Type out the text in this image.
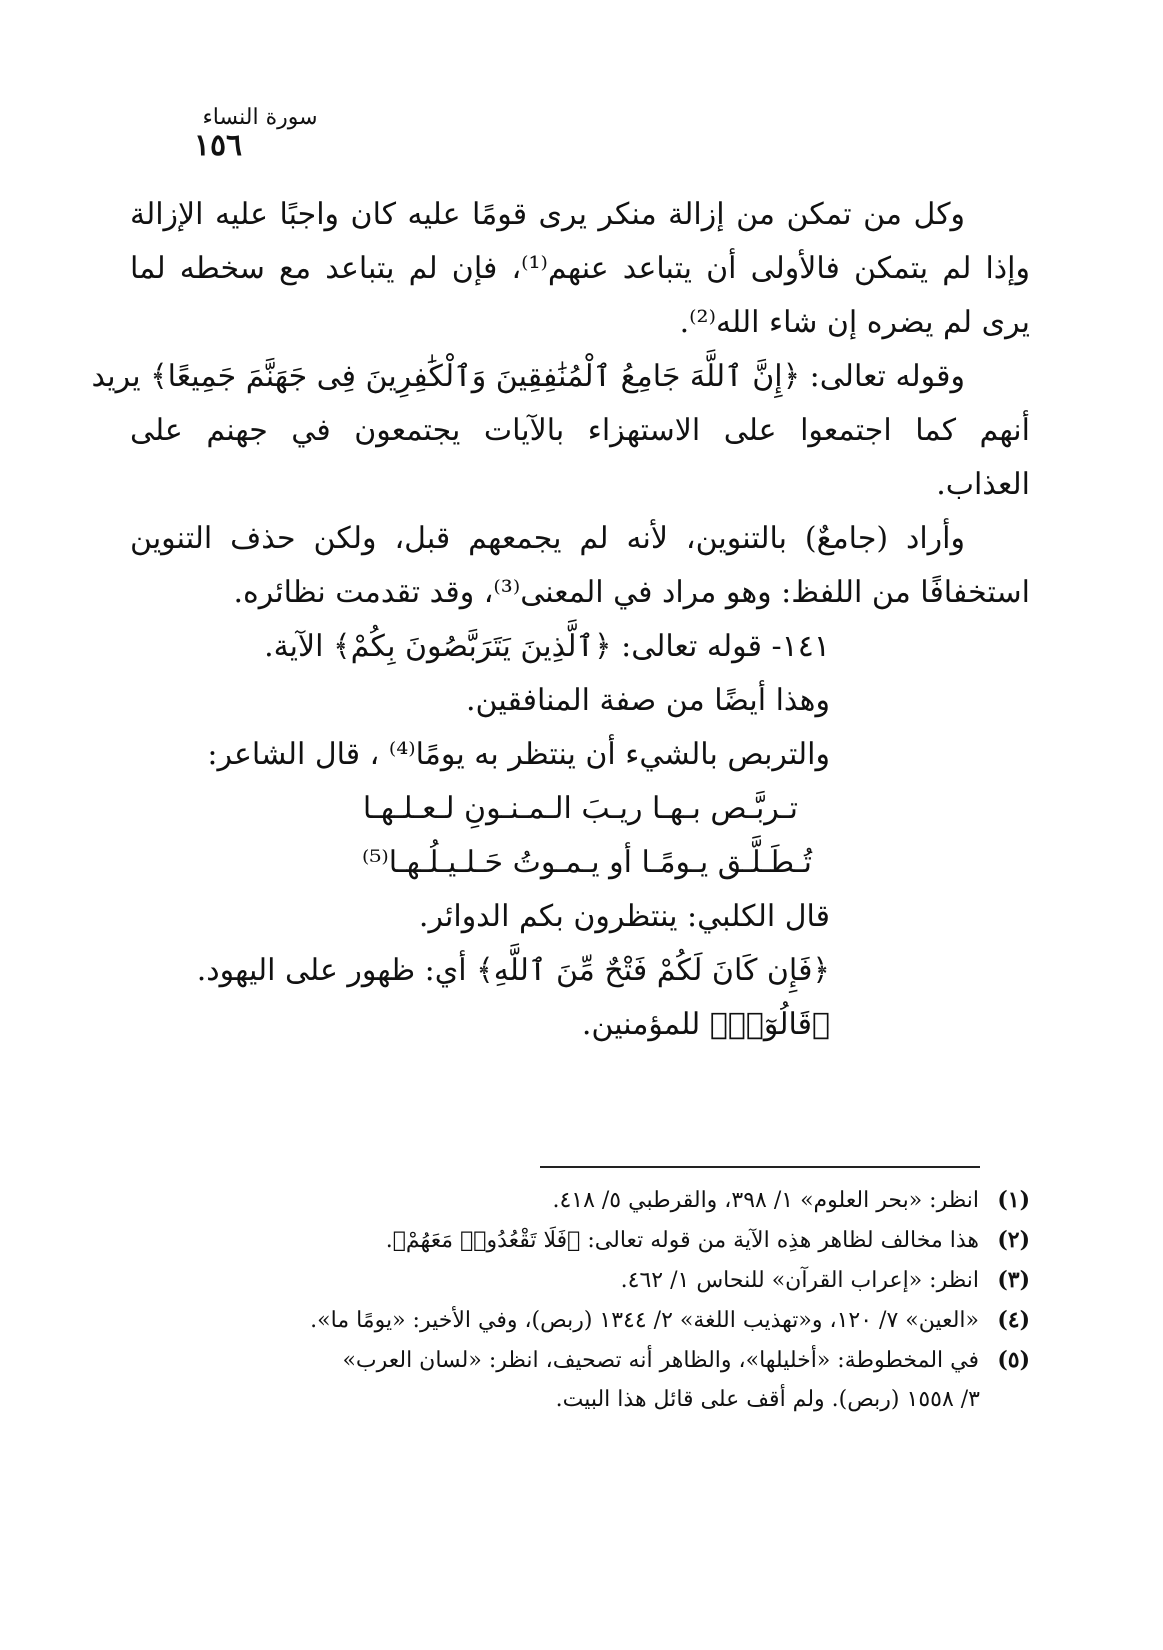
سورة النساء
١٥٦
وكل من تمكن من إزالة منكر يرى قومًا عليه كان واجبًا عليه الإزالة
وإذا لم يتمكن فالأولى أن يتباعد عنهم⁽¹⁾، فإن لم يتباعد مع سخطه لما
يرى لم يضره إن شاء الله⁽²⁾.
وقوله تعالى: ﴿إِنَّ ٱللَّهَ جَامِعُ ٱلْمُنَٰفِقِينَ وَٱلْكَٰفِرِينَ فِى جَهَنَّمَ جَمِيعًا﴾ يريد
أنهم كما اجتمعوا على الاستهزاء بالآيات يجتمعون في جهنم على
العذاب.
وأراد (جامعٌ) بالتنوين، لأنه لم يجمعهم قبل، ولكن حذف التنوين
استخفافًا من اللفظ: وهو مراد في المعنى⁽³⁾، وقد تقدمت نظائره.
١٤١- قوله تعالى: ﴿ٱلَّذِينَ يَتَرَبَّصُونَ بِكُمْ﴾ الآية.
وهذا أيضًا من صفة المنافقين.
والتربص بالشيء أن ينتظر به يومًا⁽⁴⁾ ، قال الشاعر:
تـربَّـص بـهـا ريـبَ الـمـنـونِ لـعـلـهـا
تُـطَـلَّـق يـومًـا أو يـمـوتُ حَـلـيـلُـهـا⁽⁵⁾
قال الكلبي: ينتظرون بكم الدوائر.
﴿فَإِن كَانَ لَكُمْ فَتْحٌ مِّنَ ٱللَّهِ﴾ أي: ظهور على اليهود.
﴿قَالُوٓا۟﴾ للمؤمنين.
(١) انظر: «بحر العلوم» ١/ ٣٩٨، والقرطبي ٥/ ٤١٨.
(٢) هذا مخالف لظاهر هذِه الآية من قوله تعالى: ﴿فَلَا تَقْعُدُوا۟ مَعَهُمْ﴾.
(٣) انظر: «إعراب القرآن» للنحاس ١/ ٤٦٢.
(٤) «العين» ٧/ ١٢٠، و«تهذيب اللغة» ٢/ ١٣٤٤ (ربص)، وفي الأخير: «يومًا ما».
(٥) في المخطوطة: «أخليلها»، والظاهر أنه تصحيف، انظر: «لسان العرب»
٣/ ١٥٥٨ (ربص). ولم أقف على قائل هذا البيت.
